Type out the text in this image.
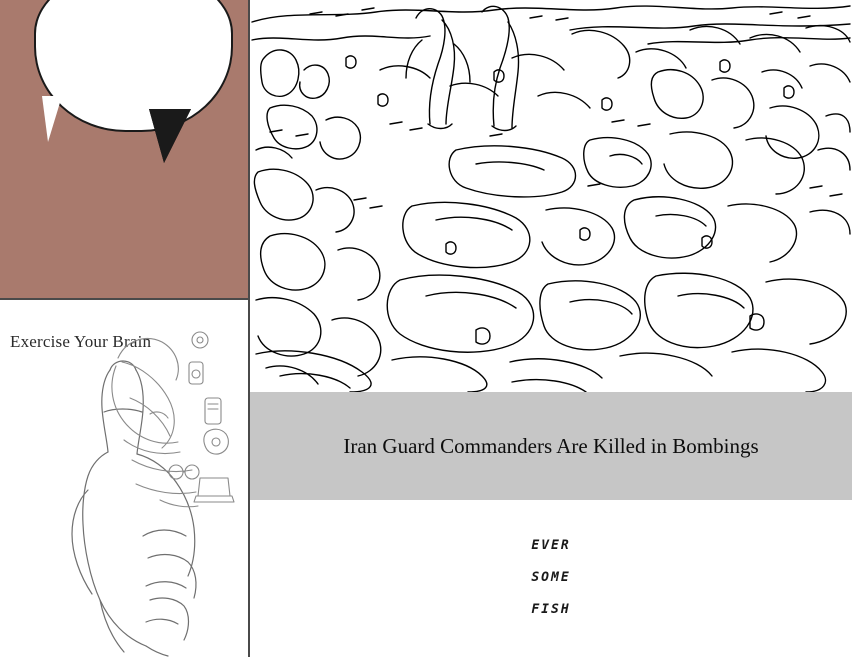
Exercise Your Brain
Iran Guard Commanders Are Killed in Bombings
EVER
SOME
FISH
